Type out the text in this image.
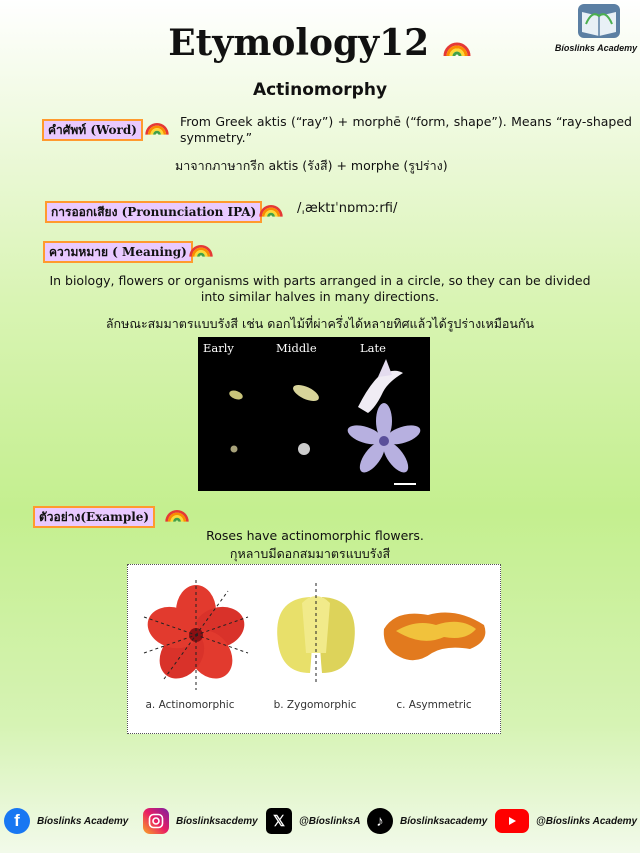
Etymology12	Bíoslinks Academy
Actinomorphy
คำศัพท์ (Word)
From Greek aktis (“ray”) + morphē (“form, shape”). Means “ray-shaped symmetry.”
มาจากภาษากรีก aktis (รังสี) + morphe (รูปร่าง)
การออกเสียง (Pronunciation IPA)	/ˌæktɪˈnɒmɔːrfi/
ความหมาย ( Meaning)
In biology, flowers or organisms with parts arranged in a circle, so they can be divided into similar halves in many directions.
ลักษณะสมมาตรแบบรังสี เช่น ดอกไม้ที่ผ่าครึ่งได้หลายทิศแล้วได้รูปร่างเหมือนกัน
Early	Middle	Late
ตัวอย่าง(Example)
Roses have actinomorphic flowers.
กุหลาบมีดอกสมมาตรแบบรังสี
a. Actinomorphic	b. Zygomorphic	c. Asymmetric
f	Bíoslinks Academy	Bíoslinksacdemy	𝕏	@BíoslinksA	♪	Bíoslinksacademy	@Bíoslinks Academy
